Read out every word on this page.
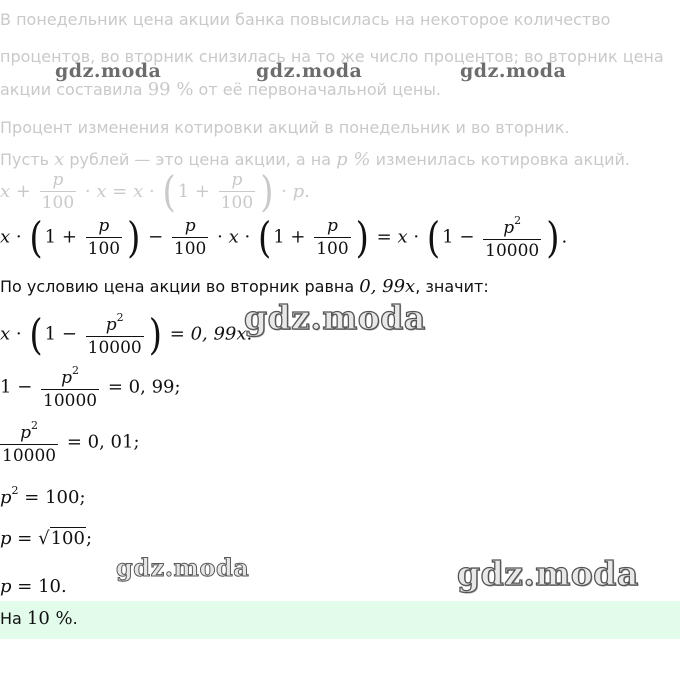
В понедельник цена акции банка повысилась на некоторое количество
процентов, во вторник снизилась на то же число процентов; во вторник цена
акции составила 99 % от её первоначальной цены.
Процент изменения котировки акций в понедельник и во вторник.
Пусть x рублей — это цена акции, а на p % изменилась котировка акций.
$x + \frac{p}{100} \cdot x = x$ · ( $1 + \frac{p}{100}$ ) · p.
x · ( $1 + \frac{p}{100}$ ) − $\frac{p}{100} \cdot x$ · ( $1 + \frac{p}{100}$ ) = x · ( $1 - \frac{p^2}{10000}$ ) .
По условию цена акции во вторник равна 0, 99x, значит:
x · ( $1 - \frac{p^2}{10000}$ ) = 0, 99x.
$1 - \frac{p^2}{10000} = 0$, 99;
$\frac{p^2}{10000} = 0$, 01;
$p^2 = 100$;
p = √100;
p = 10.
На 10 %.
gdz.moda	gdz.moda	gdz.moda
gdz.moda
gdz.moda	gdz.moda
